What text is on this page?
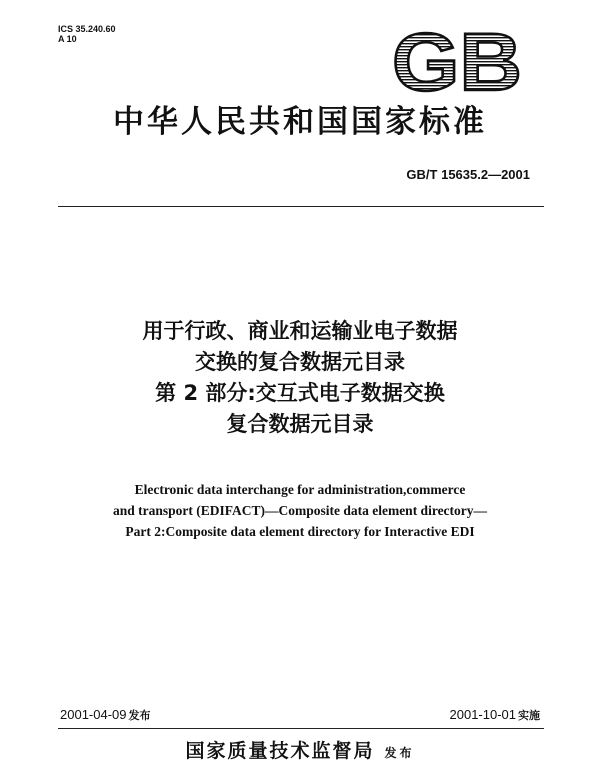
ICS 35.240.60
A 10	GB
中华人民共和国国家标准
GB/T 15635.2—2001
用于行政、商业和运输业电子数据
交换的复合数据元目录
第 2 部分:交互式电子数据交换
复合数据元目录
Electronic data interchange for administration,commerce
and transport (EDIFACT)—Composite data element directory—
Part 2:Composite data element directory for Interactive EDI
2001-04-09 发布	2001-10-01 实施
国家质量技术监督局 发布
